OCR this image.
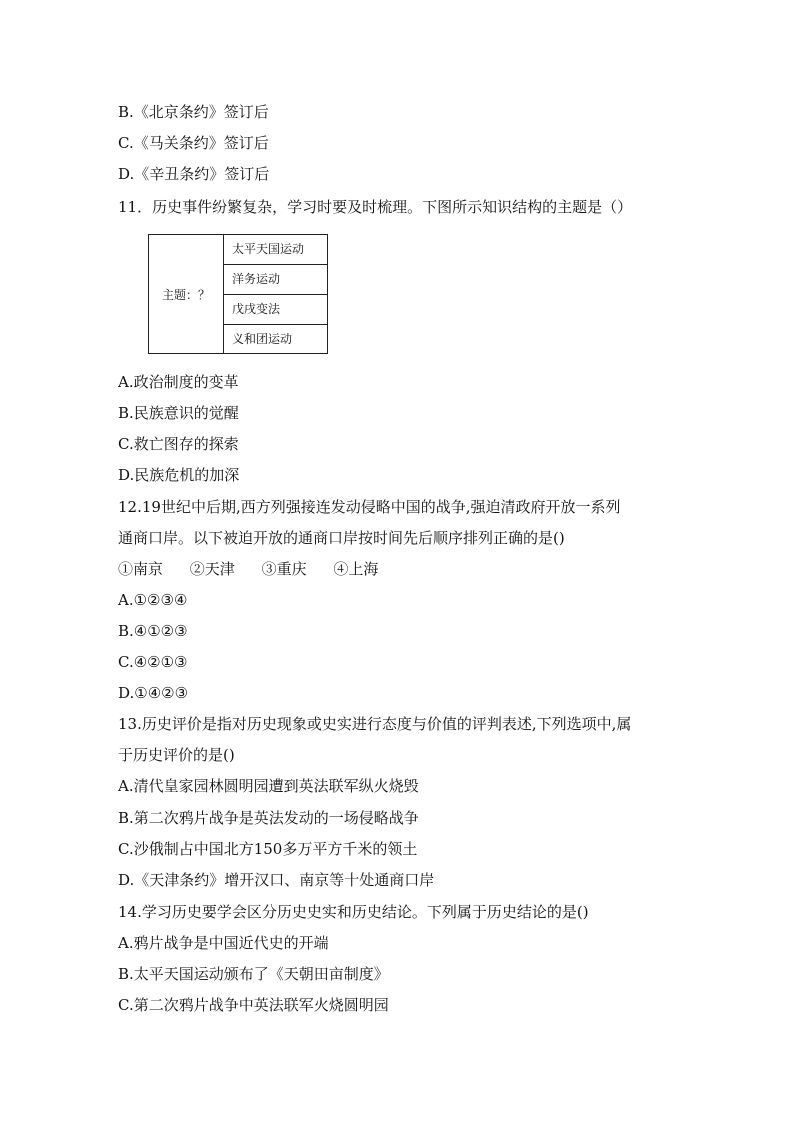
B.《北京条约》签订后
C.《马关条约》签订后
D.《辛丑条约》签订后
11．历史事件纷繁复杂，学习时要及时梳理。下图所示知识结构的主题是（）
主题：？
太平天国运动
洋务运动
戊戌变法
义和团运动
A.政治制度的变革
B.民族意识的觉醒
C.救亡图存的探索
D.民族危机的加深
12.19世纪中后期,西方列强接连发动侵略中国的战争,强迫清政府开放一系列
通商口岸。以下被迫开放的通商口岸按时间先后顺序排列正确的是()
①南京 ②天津 ③重庆 ④上海
A.①②③④
B.④①②③
C.④②①③
D.①④②③
13.历史评价是指对历史现象或史实进行态度与价值的评判表述,下列选项中,属
于历史评价的是()
A.清代皇家园林圆明园遭到英法联军纵火烧毁
B.第二次鸦片战争是英法发动的一场侵略战争
C.沙俄制占中国北方150多万平方千米的领土
D.《天津条约》增开汉口、南京等十处通商口岸
14.学习历史要学会区分历史史实和历史结论。下列属于历史结论的是()
A.鸦片战争是中国近代史的开端
B.太平天国运动颁布了《天朝田亩制度》
C.第二次鸦片战争中英法联军火烧圆明园
